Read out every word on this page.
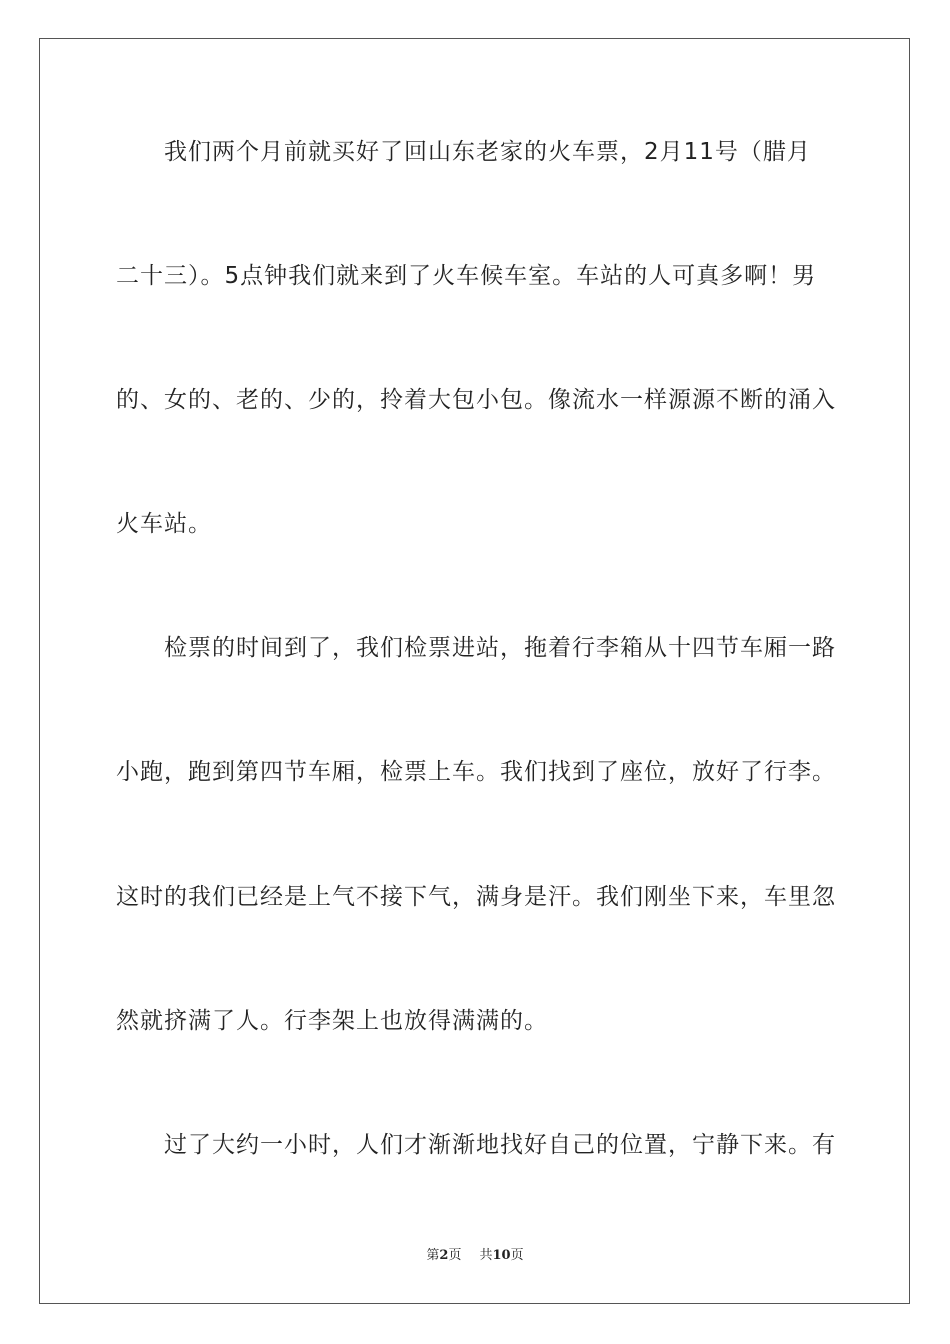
　　我们两个月前就买好了回山东老家的火车票，2月11号（腊月
二十三）。5点钟我们就来到了火车候车室。车站的人可真多啊！男
的、女的、老的、少的，拎着大包小包。像流水一样源源不断的涌入
火车站。
　　检票的时间到了，我们检票进站，拖着行李箱从十四节车厢一路
小跑，跑到第四节车厢，检票上车。我们找到了座位，放好了行李。
这时的我们已经是上气不接下气，满身是汗。我们刚坐下来，车里忽
然就挤满了人。行李架上也放得满满的。
　　过了大约一小时，人们才渐渐地找好自己的位置，宁静下来。有
第2页 共10页
